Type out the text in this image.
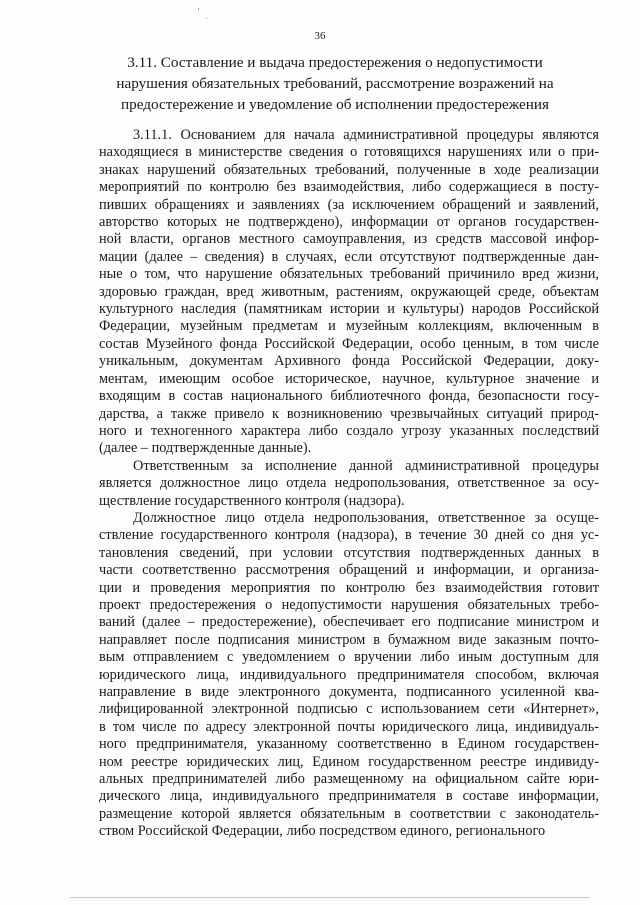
36
3.11. Составление и выдача предостережения о недопустимости нарушения обязательных требований, рассмотрение возражений на предостережение и уведомление об исполнении предостережения
3.11.1. Основанием для начала административной процедуры являются
находящиеся в министерстве сведения о готовящихся нарушениях или о при-
знаках нарушений обязательных требований, полученные в ходе реализации
мероприятий по контролю без взаимодействия, либо содержащиеся в посту-
пивших обращениях и заявлениях (за исключением обращений и заявлений,
авторство которых не подтверждено), информации от органов государствен-
ной власти, органов местного самоуправления, из средств массовой инфор-
мации (далее – сведения) в случаях, если отсутствуют подтвержденные дан-
ные о том, что нарушение обязательных требований причинило вред жизни,
здоровью граждан, вред животным, растениям, окружающей среде, объектам
культурного наследия (памятникам истории и культуры) народов Российской
Федерации, музейным предметам и музейным коллекциям, включенным в
состав Музейного фонда Российской Федерации, особо ценным, в том числе
уникальным, документам Архивного фонда Российской Федерации, доку-
ментам, имеющим особое историческое, научное, культурное значение и
входящим в состав национального библиотечного фонда, безопасности госу-
дарства, а также привело к возникновению чрезвычайных ситуаций природ-
ного и техногенного характера либо создало угрозу указанных последствий
(далее – подтвержденные данные).
Ответственным за исполнение данной административной процедуры
является должностное лицо отдела недропользования, ответственное за осу-
ществление государственного контроля (надзора).
Должностное лицо отдела недропользования, ответственное за осуще-
ствление государственного контроля (надзора), в течение 30 дней со дня ус-
тановления сведений, при условии отсутствия подтвержденных данных в
части соответственно рассмотрения обращений и информации, и организа-
ции и проведения мероприятия по контролю без взаимодействия готовит
проект предостережения о недопустимости нарушения обязательных требо-
ваний (далее – предостережение), обеспечивает его подписание министром и
направляет после подписания министром в бумажном виде заказным почто-
вым отправлением с уведомлением о вручении либо иным доступным для
юридического лица, индивидуального предпринимателя способом, включая
направление в виде электронного документа, подписанного усиленной ква-
лифицированной электронной подписью с использованием сети «Интернет»,
в том числе по адресу электронной почты юридического лица, индивидуаль-
ного предпринимателя, указанному соответственно в Едином государствен-
ном реестре юридических лиц, Едином государственном реестре индивиду-
альных предпринимателей либо размещенному на официальном сайте юри-
дического лица, индивидуального предпринимателя в составе информации,
размещение которой является обязательным в соответствии с законодатель-
ством Российской Федерации, либо посредством единого, регионального
